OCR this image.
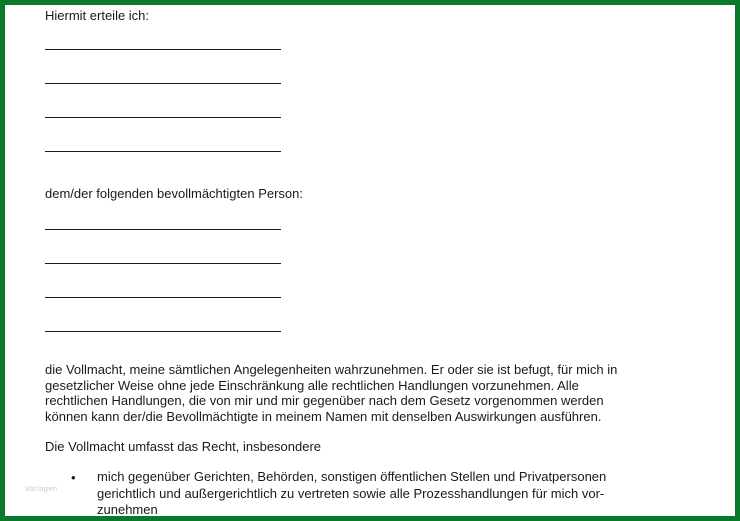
Hiermit erteile ich:
dem/der folgenden bevollmächtigten Person:
die Vollmacht, meine sämtlichen Angelegenheiten wahrzunehmen. Er oder sie ist befugt, für mich in
gesetzlicher Weise ohne jede Einschränkung alle rechtlichen Handlungen vorzunehmen. Alle
rechtlichen Handlungen, die von mir und mir gegenüber nach dem Gesetz vorgenommen werden
können kann der/die Bevollmächtigte in meinem Namen mit denselben Auswirkungen ausführen.
Die Vollmacht umfasst das Recht, insbesondere
• mich gegenüber Gerichten, Behörden, sonstigen öffentlichen Stellen und Privatpersonen
gerichtlich und außergerichtlich zu vertreten sowie alle Prozesshandlungen für mich vor-
zunehmen
Vorlagen
